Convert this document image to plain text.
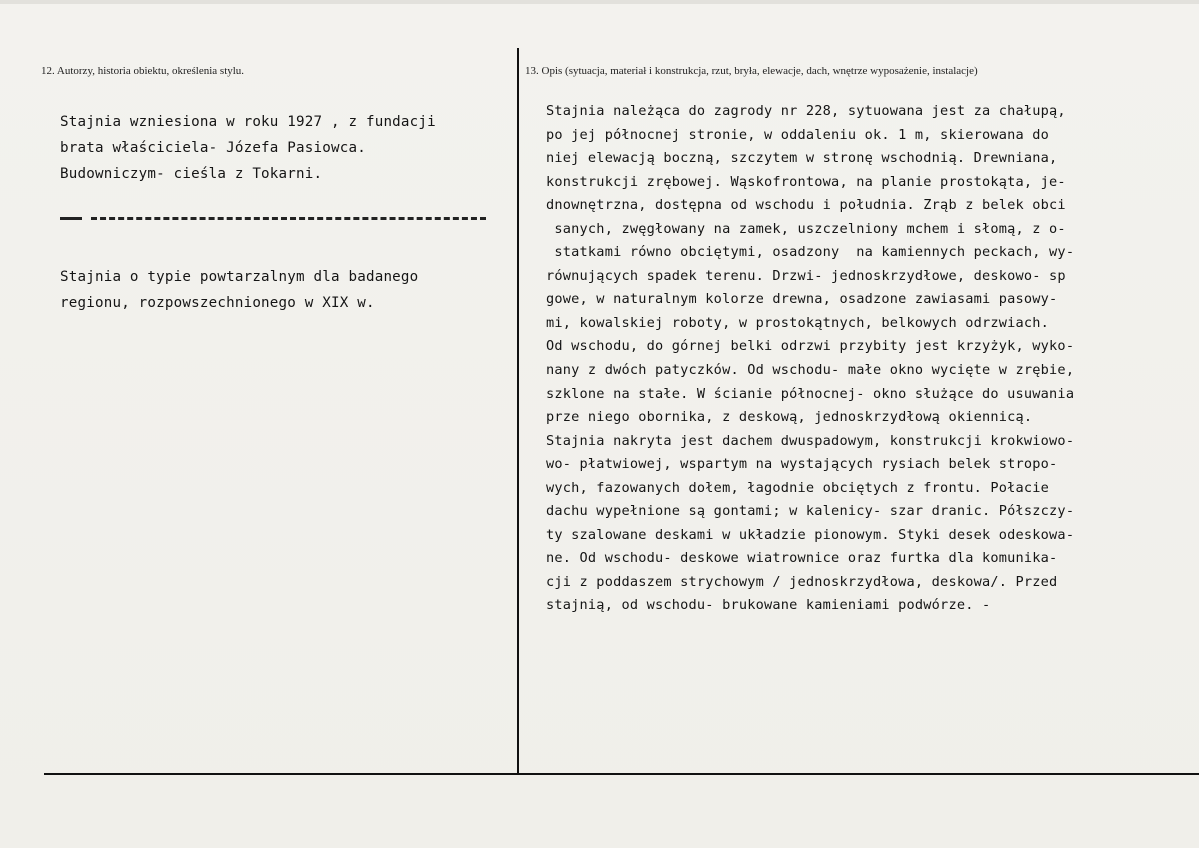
12. Autorzy, historia obiektu, określenia stylu.	13. Opis (sytuacja, materiał i konstrukcja, rzut, bryła, elewacje, dach, wnętrze wyposażenie, instalacje)
Stajnia wzniesiona w roku 1927 , z fundacji
brata właściciela- Józefa Pasiowca.
Budowniczym- cieśla z Tokarni.
Stajnia o typie powtarzalnym dla badanego
regionu, rozpowszechnionego w XIX w.
Stajnia należąca do zagrody nr 228, sytuowana jest za chałupą,
po jej północnej stronie, w oddaleniu ok. 1 m, skierowana do
niej elewacją boczną, szczytem w stronę wschodnią. Drewniana,
konstrukcji zrębowej. Wąskofrontowa, na planie prostokąta, je-
dnownętrzna, dostępna od wschodu i południa. Zrąb z belek obci
sanych, zwęgłowany na zamek, uszczelniony mchem i słomą, z o-
statkami równo obciętymi, osadzony  na kamiennych peckach, wy-
równujących spadek terenu. Drzwi- jednoskrzydłowe, deskowo- sp
gowe, w naturalnym kolorze drewna, osadzone zawiasami pasowy-
mi, kowalskiej roboty, w prostokątnych, belkowych odrzwiach.
Od wschodu, do górnej belki odrzwi przybity jest krzyżyk, wyko-
nany z dwóch patyczków. Od wschodu- małe okno wycięte w zrębie,
szklone na stałe. W ścianie północnej- okno służące do usuwania
prze niego obornika, z deskową, jednoskrzydłową okiennicą.
Stajnia nakryta jest dachem dwuspadowym, konstrukcji krokwiowo-
wo- płatwiowej, wspartym na wystających rysiach belek stropo-
wych, fazowanych dołem, łagodnie obciętych z frontu. Połacie
dachu wypełnione są gontami; w kalenicy- szar dranic. Półszczy-
ty szalowane deskami w układzie pionowym. Styki desek odeskowa-
ne. Od wschodu- deskowe wiatrownice oraz furtka dla komunika-
cji z poddaszem strychowym / jednoskrzydłowa, deskowa/. Przed
stajnią, od wschodu- brukowane kamieniami podwórze. -
